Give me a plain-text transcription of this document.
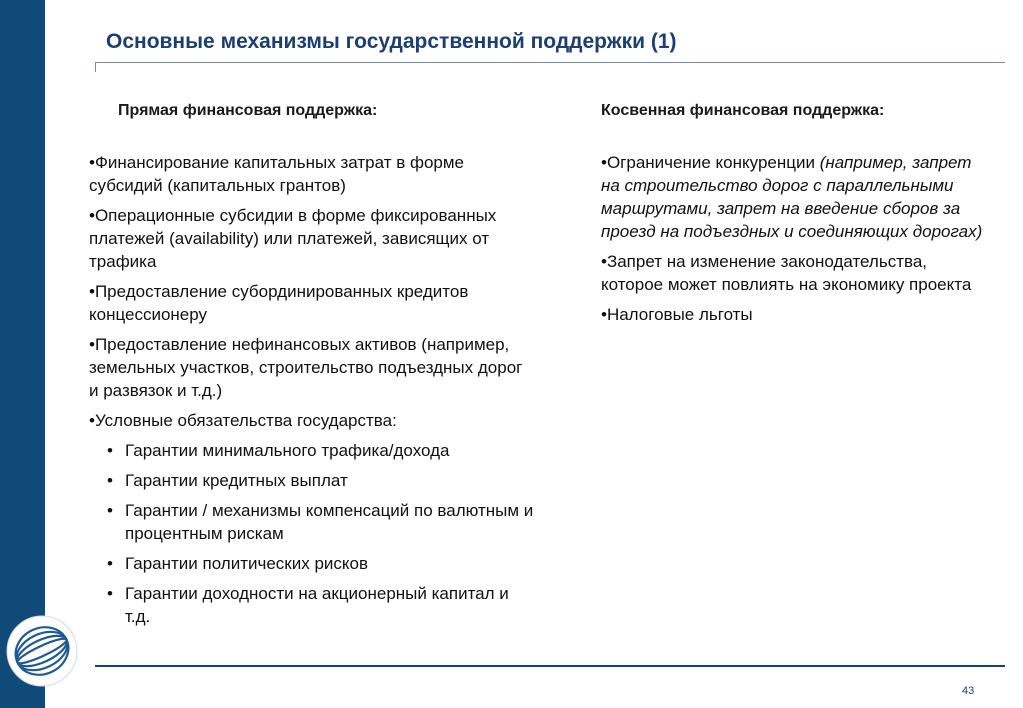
Основные механизмы государственной поддержки (1)
Прямая финансовая поддержка:	Косвенная финансовая поддержка:
•Финансирование капитальных затрат в форме субсидий (капитальных грантов)
•Операционные субсидии в форме фиксированных платежей (availability) или платежей, зависящих от трафика
•Предоставление субординированных кредитов концессионеру
•Предоставление нефинансовых активов (например, земельных участков, строительство подъездных дорог и развязок и т.д.)
•Условные обязательства государства:
• Гарантии минимального трафика/дохода
• Гарантии кредитных выплат
• Гарантии / механизмы компенсаций по валютным и процентным рискам
• Гарантии политических рисков
• Гарантии доходности на акционерный капитал и т.д.
•Ограничение конкуренции (например, запрет на строительство дорог с параллельными маршрутами, запрет на введение сборов за проезд на подъездных и соединяющих дорогах)
•Запрет на изменение законодательства, которое может повлиять на экономику проекта
•Налоговые льготы
43
